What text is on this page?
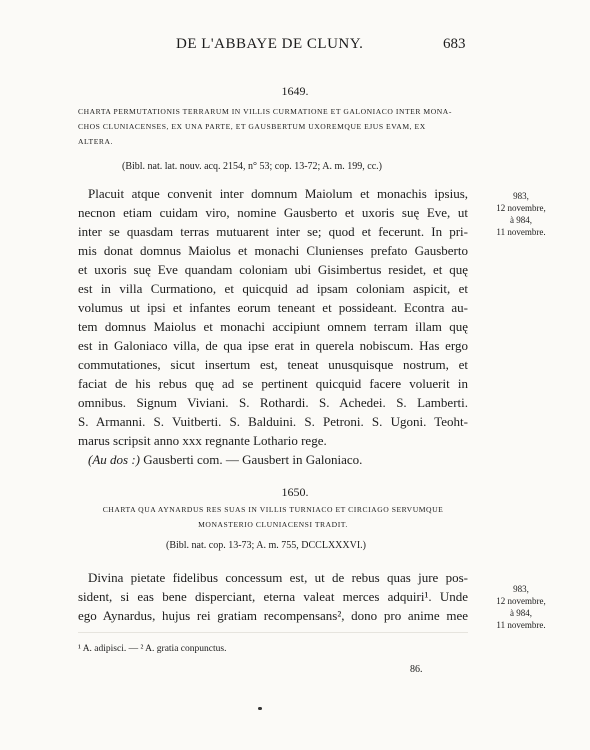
DE L'ABBAYE DE CLUNY.	683
1649.
CHARTA PERMUTATIONIS TERRARUM IN VILLIS CURMATIONE ET GALONIACO INTER MONA-
CHOS CLUNIACENSES, EX UNA PARTE, ET GAUSBERTUM UXOREMQUE EJUS EVAM, EX
ALTERA.
(Bibl. nat. lat. nouv. acq. 2154, n° 53; cop. 13-72; A. m. 199, cc.)
983,
12 novembre,
à 984,
11 novembre.
Placuit atque convenit inter domnum Maiolum et monachis ipsius,
necnon etiam cuidam viro, nomine Gausberto et uxoris suę Eve, ut
inter se quasdam terras mutuarent inter se; quod et fecerunt. In pri-
mis donat domnus Maiolus et monachi Clunienses prefato Gausberto
et uxoris suę Eve quandam coloniam ubi Gisimbertus residet, et quę
est in villa Curmationo, et quicquid ad ipsam coloniam aspicit, et
volumus ut ipsi et infantes eorum teneant et possideant. Econtra au-
tem domnus Maiolus et monachi accipiunt omnem terram illam quę
est in Galoniaco villa, de qua ipse erat in querela nobiscum. Has ergo
commutationes, sicut insertum est, teneat unusquisque nostrum, et
faciat de his rebus quę ad se pertinent quicquid facere voluerit in
omnibus. Signum Viviani. S. Rothardi. S. Achedei. S. Lamberti.
S. Armanni. S. Vuitberti. S. Balduini. S. Petroni. S. Ugoni. Teoht-
marus scripsit anno xxx regnante Lothario rege.
(Au dos :) Gausberti com. — Gausbert in Galoniaco.
1650.
CHARTA QUA AYNARDUS RES SUAS IN VILLIS TURNIACO ET CIRCIAGO SERVUMQUE
MONASTERIO CLUNIACENSI TRADIT.
(Bibl. nat. cop. 13-73; A. m. 755, DCCLXXXVI.)
983,
12 novembre,
à 984,
11 novembre.
Divina pietate fidelibus concessum est, ut de rebus quas jure pos-
sident, si eas bene disperciant, eterna valeat merces adquiri¹. Unde
ego Aynardus, hujus rei gratiam recompensans², dono pro anime mee
¹ A. adipisci. — ² A. gratia conpunctus.
86.
